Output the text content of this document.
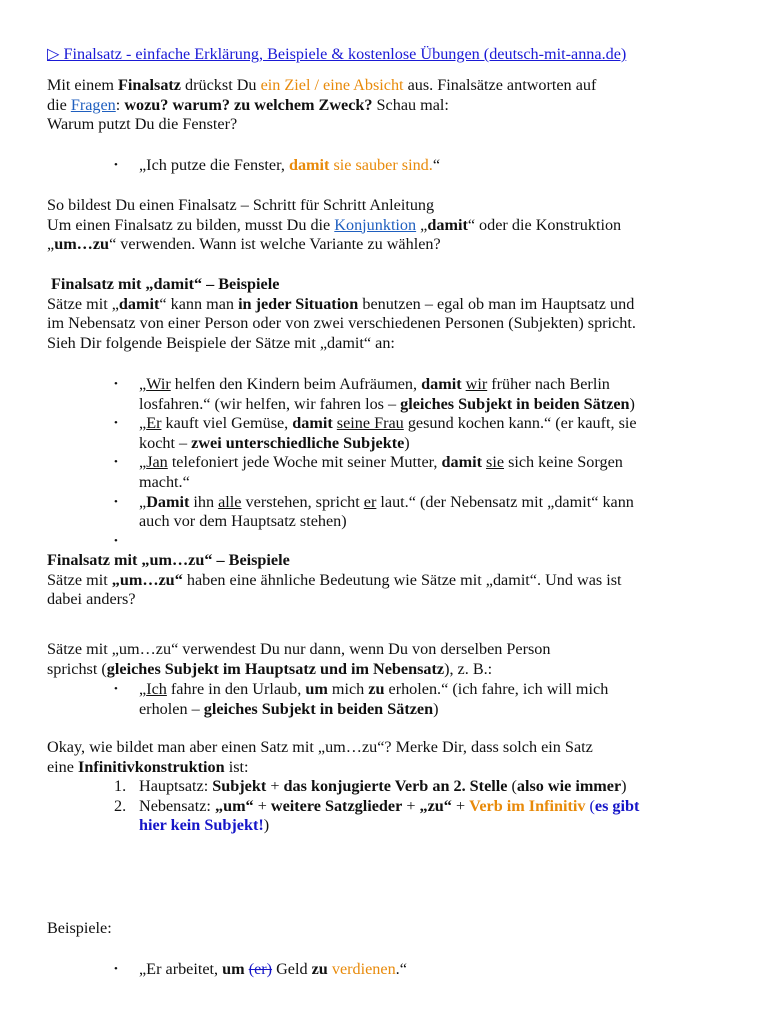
▷ Finalsatz - einfache Erklärung, Beispiele & kostenlose Übungen (deutsch-mit-anna.de)
Mit einem Finalsatz drückst Du ein Ziel / eine Absicht aus. Finalsätze antworten auf
die Fragen: wozu? warum? zu welchem Zweck? Schau mal:
Warum putzt Du die Fenster?
• „Ich putze die Fenster, damit sie sauber sind.“
So bildest Du einen Finalsatz – Schritt für Schritt Anleitung
Um einen Finalsatz zu bilden, musst Du die Konjunktion „damit“ oder die Konstruktion
„um…zu“ verwenden. Wann ist welche Variante zu wählen?
Finalsatz mit „damit“ – Beispiele
Sätze mit „damit“ kann man in jeder Situation benutzen – egal ob man im Hauptsatz und
im Nebensatz von einer Person oder von zwei verschiedenen Personen (Subjekten) spricht.
Sieh Dir folgende Beispiele der Sätze mit „damit“ an:
• „Wir helfen den Kindern beim Aufräumen, damit wir früher nach Berlin
losfahren.“ (wir helfen, wir fahren los – gleiches Subjekt in beiden Sätzen)
• „Er kauft viel Gemüse, damit seine Frau gesund kochen kann.“ (er kauft, sie
kocht – zwei unterschiedliche Subjekte)
• „Jan telefoniert jede Woche mit seiner Mutter, damit sie sich keine Sorgen
macht.“
• „Damit ihn alle verstehen, spricht er laut.“ (der Nebensatz mit „damit“ kann
auch vor dem Hauptsatz stehen)
•

Finalsatz mit „um…zu“ – Beispiele
Sätze mit „um…zu“ haben eine ähnliche Bedeutung wie Sätze mit „damit“. Und was ist
dabei anders?
Sätze mit „um…zu“ verwendest Du nur dann, wenn Du von derselben Person
sprichst (gleiches Subjekt im Hauptsatz und im Nebensatz), z. B.:
• „Ich fahre in den Urlaub, um mich zu erholen.“ (ich fahre, ich will mich
erholen – gleiches Subjekt in beiden Sätzen)
Okay, wie bildet man aber einen Satz mit „um…zu“? Merke Dir, dass solch ein Satz
eine Infinitivkonstruktion ist:
1. Hauptsatz: Subjekt + das konjugierte Verb an 2. Stelle (also wie immer)
2. Nebensatz: „um“ + weitere Satzglieder + „zu“ + Verb im Infinitiv (es gibt
hier kein Subjekt!)
Beispiele:
• „Er arbeitet, um (er) Geld zu verdienen.“
